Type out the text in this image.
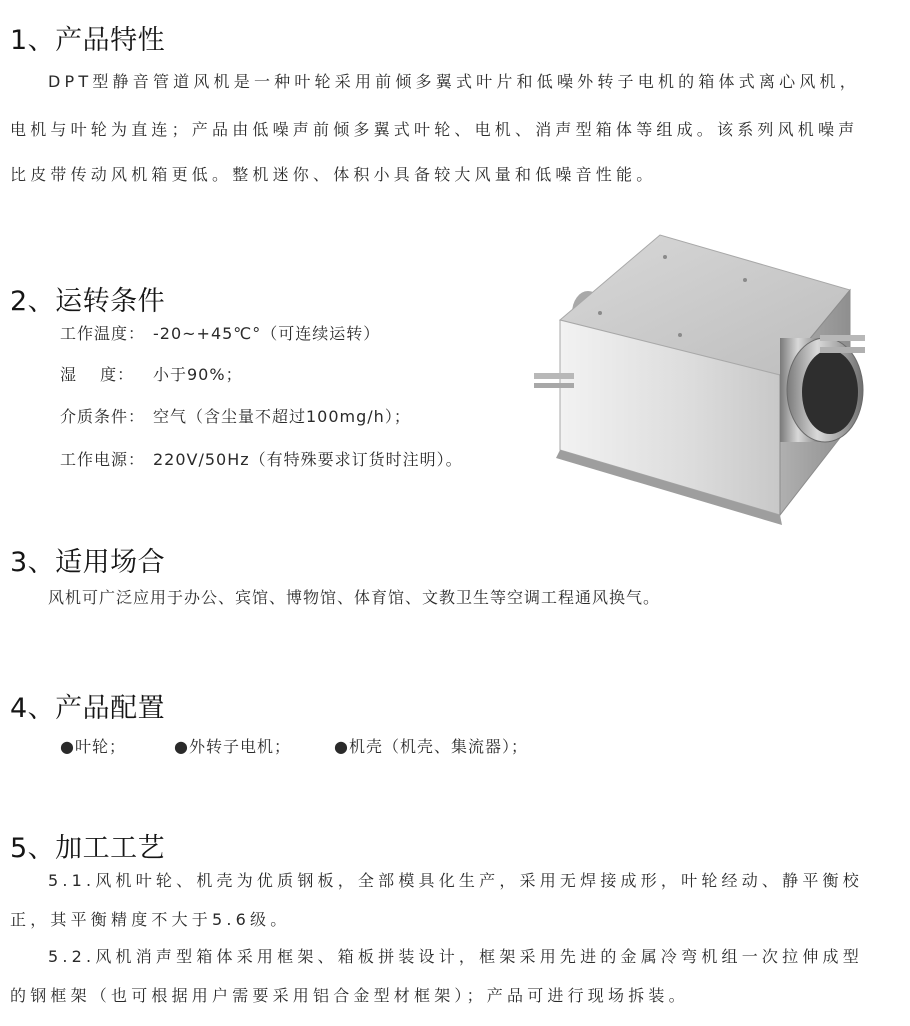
1、产品特性
DPT型静音管道风机是一种叶轮采用前倾多翼式叶片和低噪外转子电机的箱体式离心风机，
电机与叶轮为直连；产品由低噪声前倾多翼式叶轮、电机、消声型箱体等组成。该系列风机噪声
比皮带传动风机箱更低。整机迷你、体积小具备较大风量和低噪音性能。
2、运转条件
工作温度： -20~+45℃°（可连续运转）
湿　 度： 小于90%；
介质条件： 空气（含尘量不超过100mg/h）；
工作电源： 220V/50Hz（有特殊要求订货时注明）。
3、适用场合
风机可广泛应用于办公、宾馆、博物馆、体育馆、文教卫生等空调工程通风换气。
4、产品配置
●叶轮；	●外转子电机；	●机壳（机壳、集流器）；
5、加工工艺
5.1.风机叶轮、机壳为优质钢板，全部模具化生产，采用无焊接成形，叶轮经动、静平衡校
正，其平衡精度不大于5.6级。
5.2.风机消声型箱体采用框架、箱板拼装设计，框架采用先进的金属冷弯机组一次拉伸成型
的钢框架（也可根据用户需要采用铝合金型材框架）；产品可进行现场拆装。
